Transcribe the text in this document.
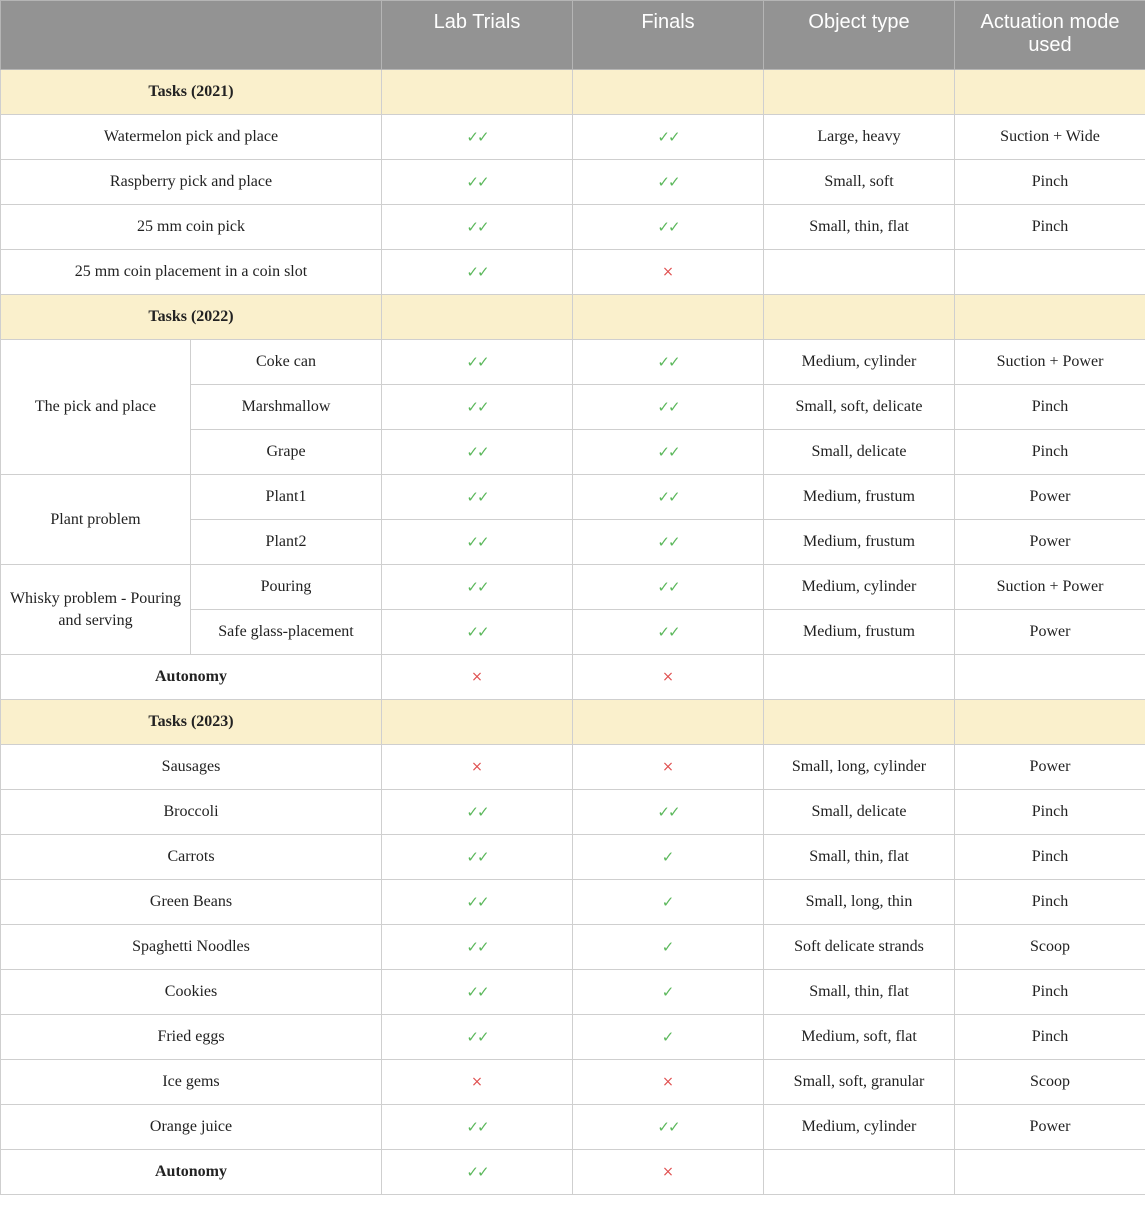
		Lab Trials	Finals	Object type	Actuation mode used
Tasks (2021)					
Watermelon pick and place		✓✓	✓✓	Large, heavy	Suction + Wide
Raspberry pick and place		✓✓	✓✓	Small, soft	Pinch
25 mm coin pick		✓✓	✓✓	Small, thin, flat	Pinch
25 mm coin placement in a coin slot		✓✓	×		
Tasks (2022)					
The pick and place	Coke can	✓✓	✓✓	Medium, cylinder	Suction + Power
	Marshmallow	✓✓	✓✓	Small, soft, delicate	Pinch
	Grape	✓✓	✓✓	Small, delicate	Pinch
Plant problem	Plant1	✓✓	✓✓	Medium, frustum	Power
	Plant2	✓✓	✓✓	Medium, frustum	Power
Whisky problem - Pouring and serving	Pouring	✓✓	✓✓	Medium, cylinder	Suction + Power
	Safe glass-placement	✓✓	✓✓	Medium, frustum	Power
Autonomy		×	×		
Tasks (2023)					
Sausages		×	×	Small, long, cylinder	Power
Broccoli		✓✓	✓✓	Small, delicate	Pinch
Carrots		✓✓	✓	Small, thin, flat	Pinch
Green Beans		✓✓	✓	Small, long, thin	Pinch
Spaghetti Noodles		✓✓	✓	Soft delicate strands	Scoop
Cookies		✓✓	✓	Small, thin, flat	Pinch
Fried eggs		✓✓	✓	Medium, soft, flat	Pinch
Ice gems		×	×	Small, soft, granular	Scoop
Orange juice		✓✓	✓✓	Medium, cylinder	Power
Autonomy		✓✓	×		
